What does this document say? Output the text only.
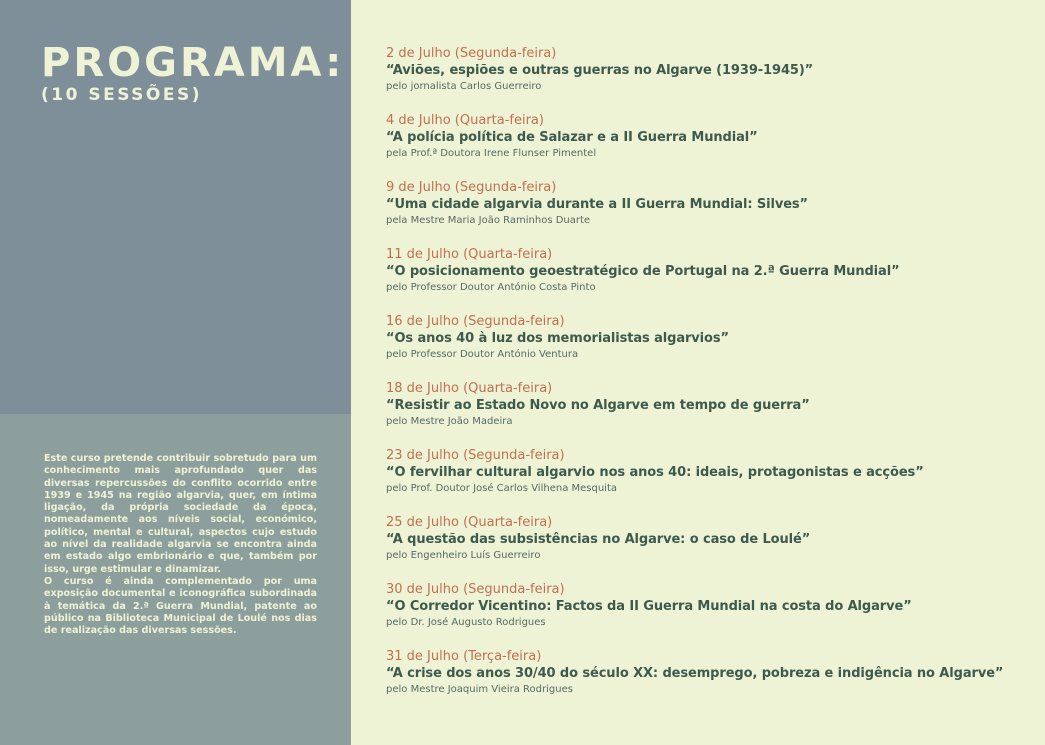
PROGRAMA:
(10 SESSÕES)

Este curso pretende contribuir sobretudo para um conhecimento mais aprofundado quer das diversas repercussões do conflito ocorrido entre 1939 e 1945 na região algarvia, quer, em íntima ligação, da própria sociedade da época, nomeadamente aos níveis social, económico, político, mental e cultural, aspectos cujo estudo ao nível da realidade algarvia se encontra ainda em estado algo embrionário e que, também por isso, urge estimular e dinamizar.

O curso é ainda complementado por uma exposição documental e iconográfica subordinada à temática da 2.ª Guerra Mundial, patente ao público na Biblioteca Municipal de Loulé nos dias de realização das diversas sessões.

2 de Julho (Segunda-feira)
“Aviões, espiões e outras guerras no Algarve (1939-1945)”
pelo jornalista Carlos Guerreiro
4 de Julho (Quarta-feira)
“A polícia política de Salazar e a II Guerra Mundial”
pela Prof.ª Doutora Irene Flunser Pimentel
9 de Julho (Segunda-feira)
“Uma cidade algarvia durante a II Guerra Mundial: Silves”
pela Mestre Maria João Raminhos Duarte
11 de Julho (Quarta-feira)
“O posicionamento geoestratégico de Portugal na 2.ª Guerra Mundial”
pelo Professor Doutor António Costa Pinto
16 de Julho (Segunda-feira)
“Os anos 40 à luz dos memorialistas algarvios”
pelo Professor Doutor António Ventura
18 de Julho (Quarta-feira)
“Resistir ao Estado Novo no Algarve em tempo de guerra”
pelo Mestre João Madeira
23 de Julho (Segunda-feira)
“O fervilhar cultural algarvio nos anos 40: ideais, protagonistas e acções”
pelo Prof. Doutor José Carlos Vilhena Mesquita
25 de Julho (Quarta-feira)
“A questão das subsistências no Algarve: o caso de Loulé”
pelo Engenheiro Luís Guerreiro
30 de Julho (Segunda-feira)
“O Corredor Vicentino: Factos da II Guerra Mundial na costa do Algarve”
pelo Dr. José Augusto Rodrigues
31 de Julho (Terça-feira)
“A crise dos anos 30/40 do século XX: desemprego, pobreza e indigência no Algarve”
pelo Mestre Joaquim Vieira Rodrigues
